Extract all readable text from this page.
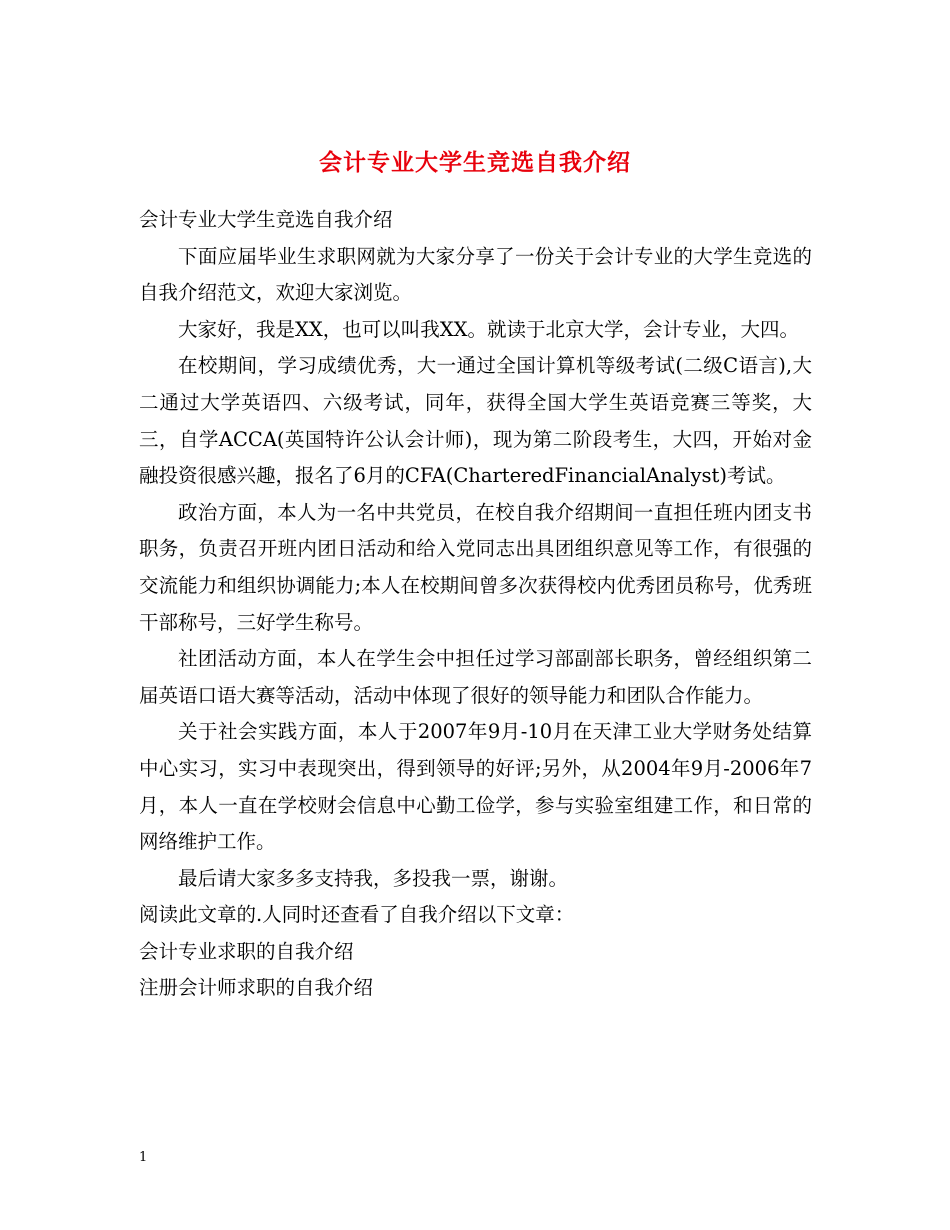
会计专业大学生竞选自我介绍

会计专业大学生竞选自我介绍

下面应届毕业生求职网就为大家分享了一份关于会计专业的大学生竞选的自我介绍范文，欢迎大家浏览。

大家好，我是XX，也可以叫我XX。就读于北京大学，会计专业，大四。

在校期间，学习成绩优秀，大一通过全国计算机等级考试(二级C语言),大二通过大学英语四、六级考试，同年，获得全国大学生英语竞赛三等奖，大三，自学ACCA(英国特许公认会计师)，现为第二阶段考生，大四，开始对金融投资很感兴趣，报名了6月的CFA(CharteredFinancialAnalyst)考试。

政治方面，本人为一名中共党员，在校自我介绍期间一直担任班内团支书职务，负责召开班内团日活动和给入党同志出具团组织意见等工作，有很强的交流能力和组织协调能力;本人在校期间曾多次获得校内优秀团员称号，优秀班干部称号，三好学生称号。

社团活动方面，本人在学生会中担任过学习部副部长职务，曾经组织第二届英语口语大赛等活动，活动中体现了很好的领导能力和团队合作能力。

关于社会实践方面，本人于2007年9月-10月在天津工业大学财务处结算中心实习，实习中表现突出，得到领导的好评;另外，从2004年9月-2006年7月，本人一直在学校财会信息中心勤工俭学，参与实验室组建工作，和日常的网络维护工作。

最后请大家多多支持我，多投我一票，谢谢。

阅读此文章的.人同时还查看了自我介绍以下文章：

会计专业求职的自我介绍

注册会计师求职的自我介绍

1
